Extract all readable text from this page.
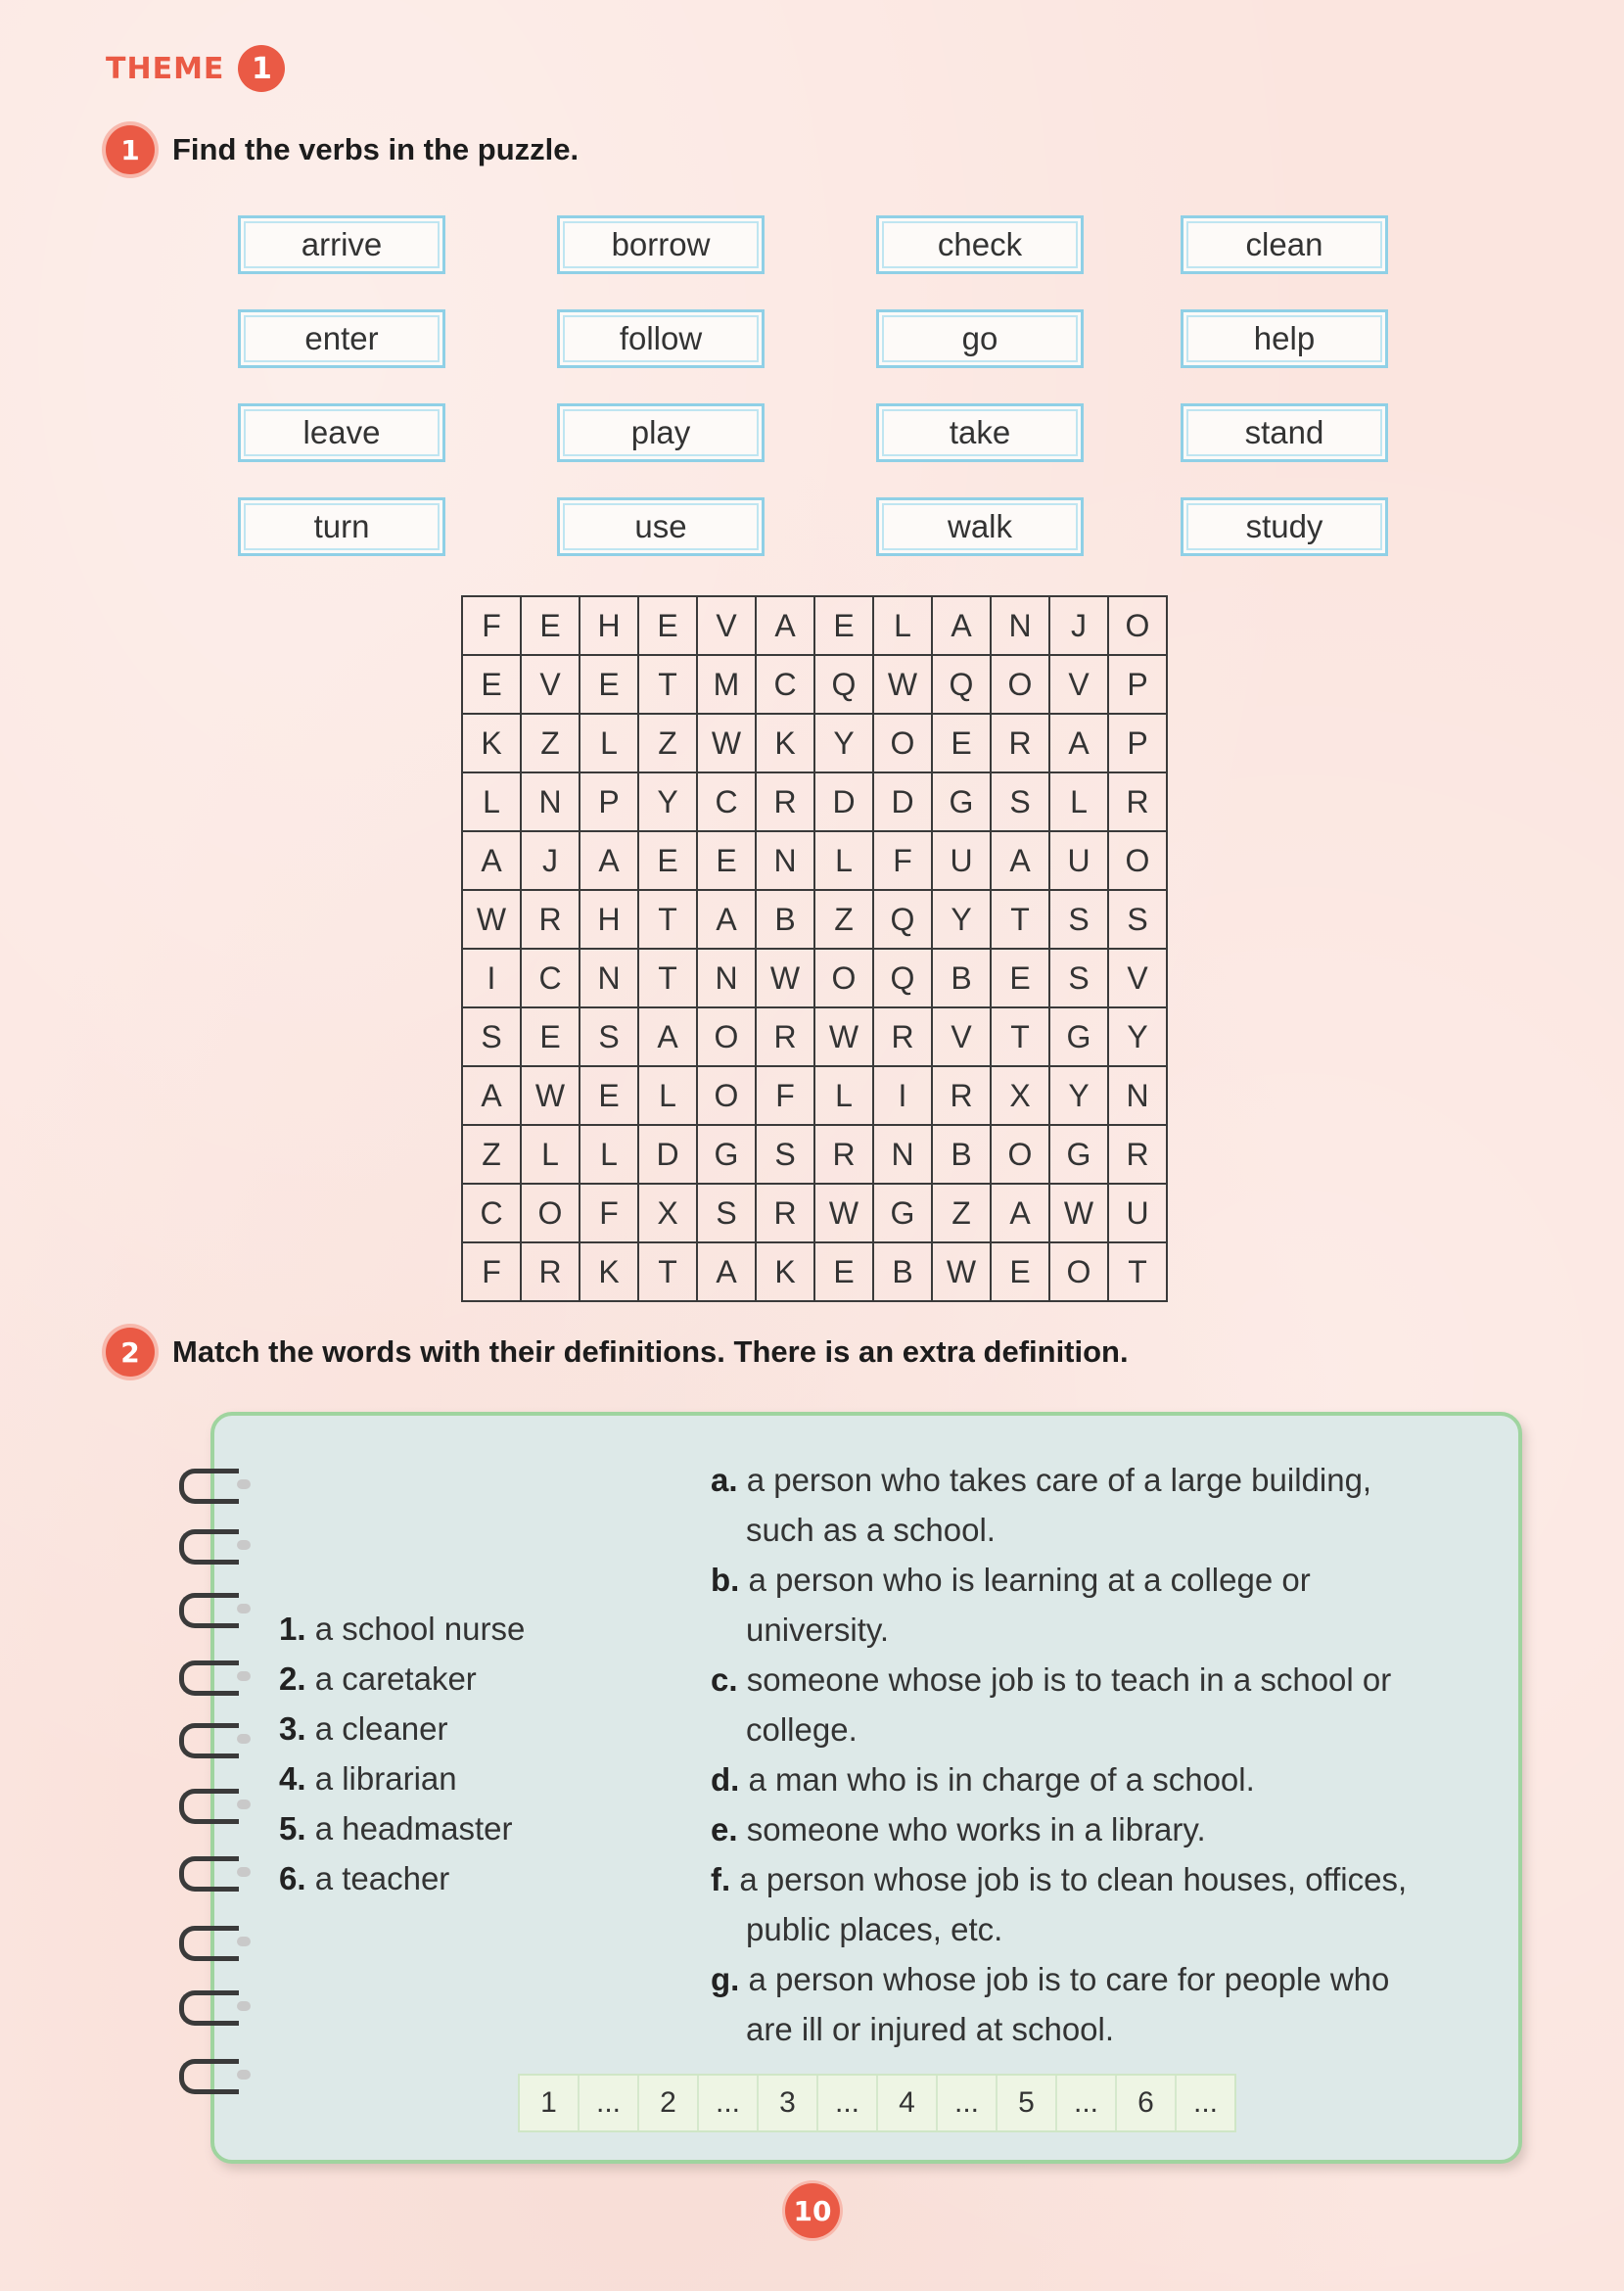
THEME 1
1	Find the verbs in the puzzle.
arrive	borrow	check	clean
enter	follow	go	help
leave	play	take	stand
turn	use	walk	study
F	E	H	E	V	A	E	L	A	N	J	O
E	V	E	T	M	C	Q	W	Q	O	V	P
K	Z	L	Z	W	K	Y	O	E	R	A	P
L	N	P	Y	C	R	D	D	G	S	L	R
A	J	A	E	E	N	L	F	U	A	U	O
W	R	H	T	A	B	Z	Q	Y	T	S	S
I	C	N	T	N	W	O	Q	B	E	S	V
S	E	S	A	O	R	W	R	V	T	G	Y
A	W	E	L	O	F	L	I	R	X	Y	N
Z	L	L	D	G	S	R	N	B	O	G	R
C	O	F	X	S	R	W	G	Z	A	W	U
F	R	K	T	A	K	E	B	W	E	O	T
2	Match the words with their definitions. There is an extra definition.
1. a school nurse
2. a caretaker
3. a cleaner
4. a librarian
5. a headmaster
6. a teacher
a. a person who takes care of a large building,
such as a school.
b. a person who is learning at a college or
university.
c. someone whose job is to teach in a school or
college.
d. a man who is in charge of a school.
e. someone who works in a library.
f. a person whose job is to clean houses, offices,
public places, etc.
g. a person whose job is to care for people who
are ill or injured at school.
1	...	2	...	3	...	4	...	5	...	6	...
10
